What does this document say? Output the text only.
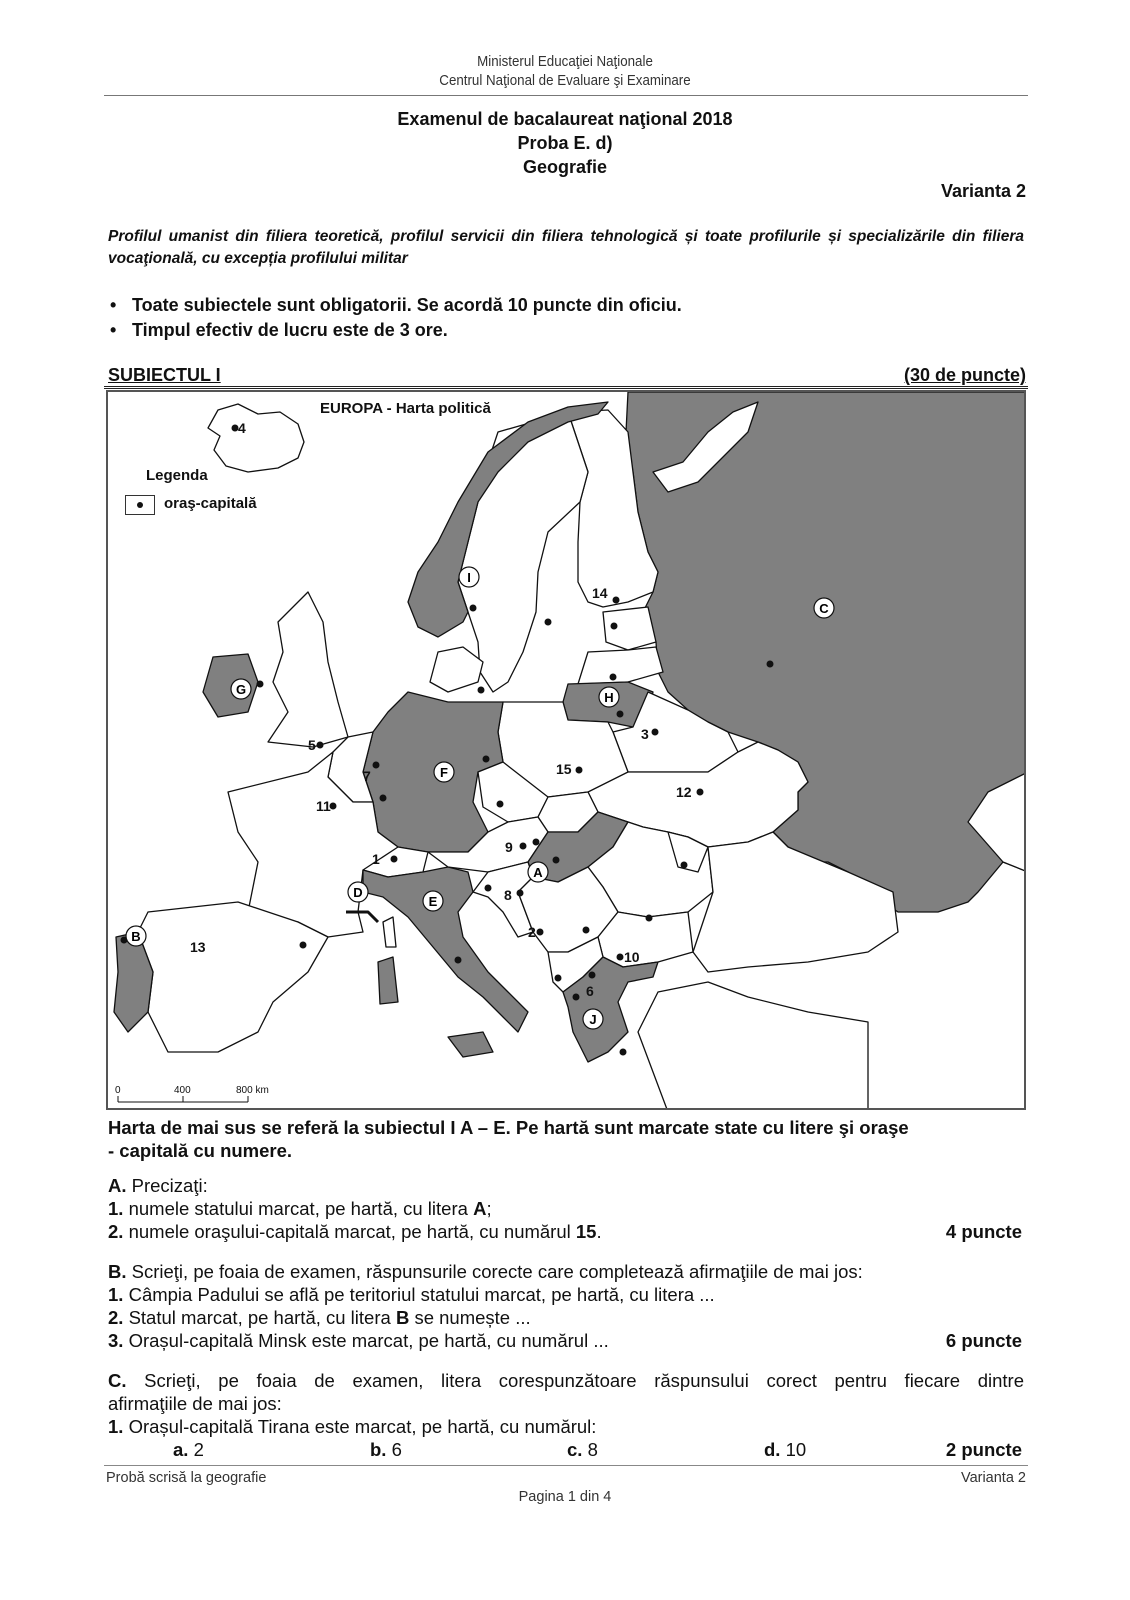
Ministerul Educaţiei Naţionale
Centrul Naţional de Evaluare şi Examinare
Examenul de bacalaureat naţional 2018
Proba E. d)
Geografie
Varianta 2
Profilul umanist din filiera teoretică, profilul servicii din filiera tehnologică și toate profilurile și specializările din filiera vocaţională, cu excepția profilului militar
• Toate subiectele sunt obligatorii. Se acordă 10 puncte din oficiu.
• Timpul efectiv de lucru este de 3 ore.
SUBIECTUL I	(30 de puncte)
A
B
C
D
E
F
G
H
I
J
1
2
3
4
5
6
7
8
9
10
11
12
13
14
15
0	400	800 km
EUROPA - Harta politică
Legenda
oraş-capitală
Harta de mai sus se referă la subiectul I A – E. Pe hartă sunt marcate state cu litere şi oraşe
- capitală cu numere.
A. Precizaţi:
1. numele statului marcat, pe hartă, cu litera A;
2. numele oraşului-capitală marcat, pe hartă, cu numărul 15.	4 puncte
B. Scrieţi, pe foaia de examen, răspunsurile corecte care completează afirmaţiile de mai jos:
1. Câmpia Padului se află pe teritoriul statului marcat, pe hartă, cu litera ...
2. Statul marcat, pe hartă, cu litera B se numește ...
3. Orașul-capitală Minsk este marcat, pe hartă, cu numărul ...	6 puncte
C. Scrieţi, pe foaia de examen, litera corespunzătoare răspunsului corect pentru fiecare dintre
afirmaţiile de mai jos:
1. Orașul-capitală Tirana este marcat, pe hartă, cu numărul:
a. 2	b. 6	c. 8	d. 10	2 puncte
Probă scrisă la geografie	Varianta 2
Pagina 1 din 4
